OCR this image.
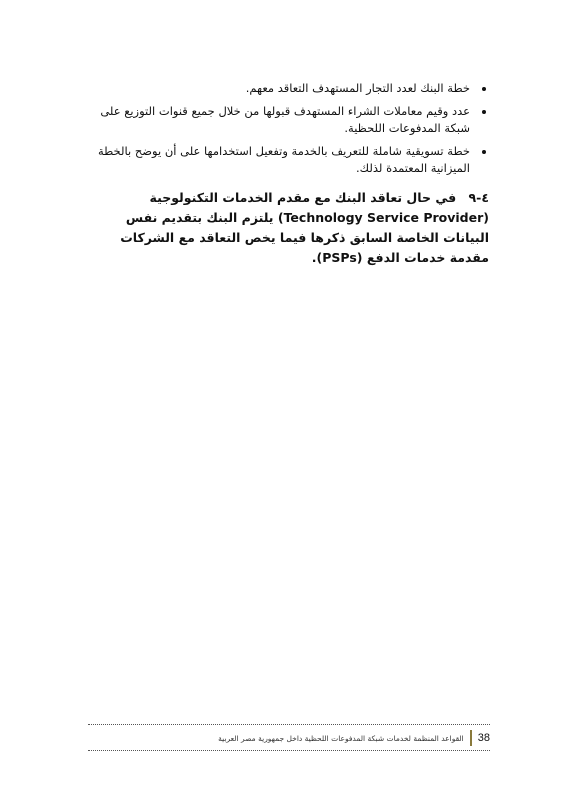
خطة البنك لعدد التجار المستهدف التعاقد معهم.
عدد وقيم معاملات الشراء المستهدف قبولها من خلال جميع قنوات التوزيع على شبكة المدفوعات اللحظية.
خطة تسويقية شاملة للتعريف بالخدمة وتفعيل استخدامها على أن يوضح بالخطة الميزانية المعتمدة لذلك.
٤-٩ في حال تعاقد البنك مع مقدم الخدمات التكنولوجية (Technology Service Provider) يلتزم البنك بتقديم نفس البيانات الخاصة السابق ذكرها فيما يخص التعاقد مع الشركات مقدمة خدمات الدفع (PSPs).
القواعد المنظمة لخدمات شبكة المدفوعات اللحظية داخل جمهورية مصر العربية 38
